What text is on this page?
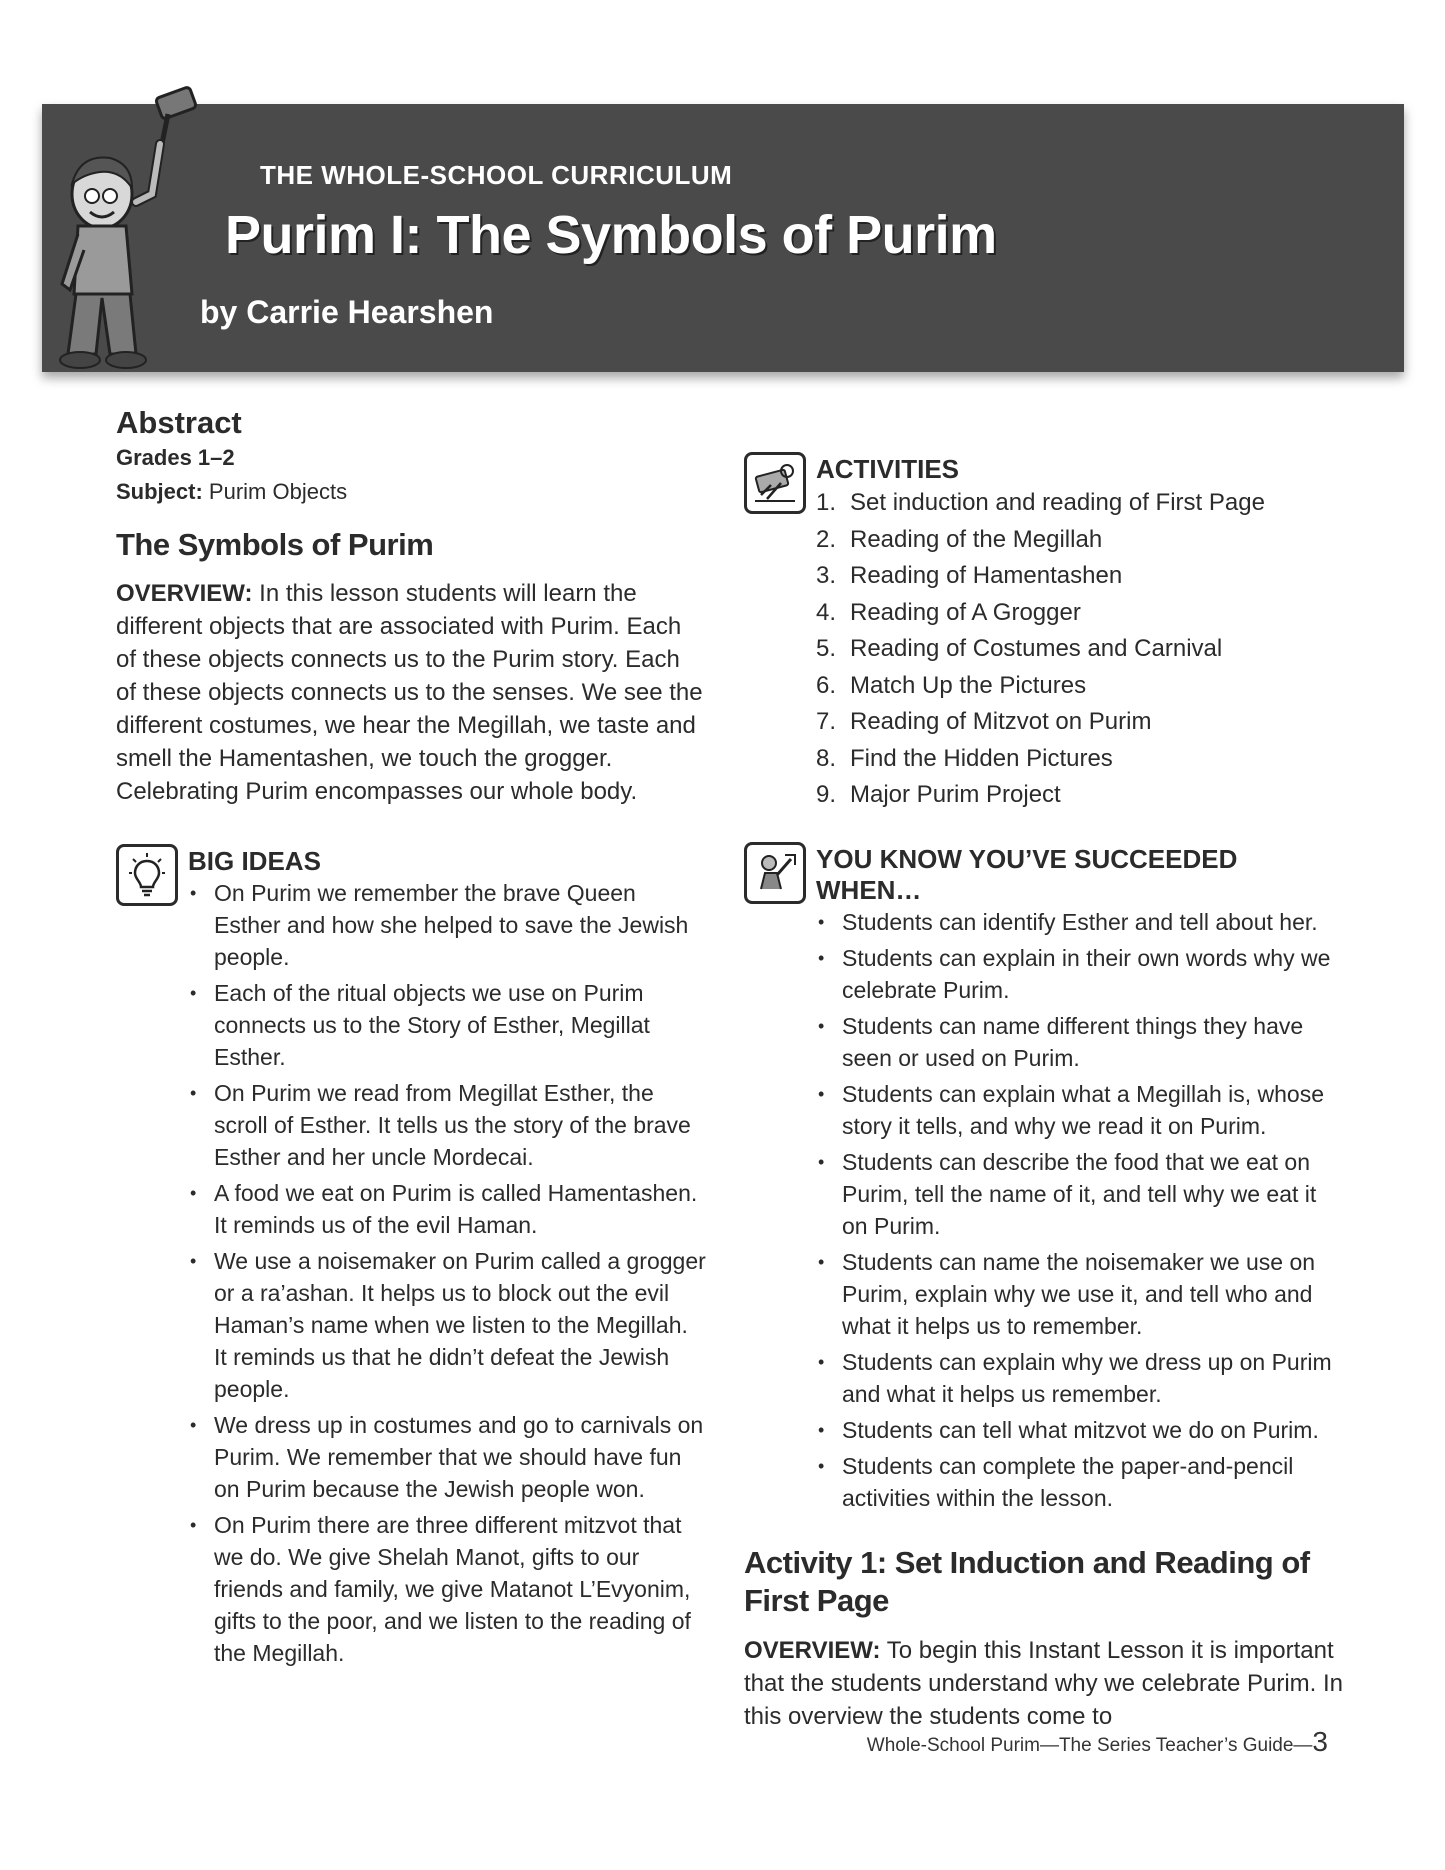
THE WHOLE-SCHOOL CURRICULUM
Purim I: The Symbols of Purim
by Carrie Hearshen
Abstract
Grades 1–2
Subject: Purim Objects
The Symbols of Purim

OVERVIEW: In this lesson students will learn the different objects that are associated with Purim. Each of these objects connects us to the Purim story. Each of these objects connects us to the senses. We see the different costumes, we hear the Megillah, we taste and smell the Hamentashen, we touch the grogger. Celebrating Purim encompasses our whole body.

BIG IDEAS
• On Purim we remember the brave Queen Esther and how she helped to save the Jewish people.
• Each of the ritual objects we use on Purim connects us to the Story of Esther, Megillat Esther.
• On Purim we read from Megillat Esther, the scroll of Esther. It tells us the story of the brave Esther and her uncle Mordecai.
• A food we eat on Purim is called Hamentashen. It reminds us of the evil Haman.
• We use a noisemaker on Purim called a grogger or a ra’ashan. It helps us to block out the evil Haman’s name when we listen to the Megillah. It reminds us that he didn’t defeat the Jewish people.
• We dress up in costumes and go to carnivals on Purim. We remember that we should have fun on Purim because the Jewish people won.
• On Purim there are three different mitzvot that we do. We give Shelah Manot, gifts to our friends and family, we give Matanot L’Evyonim, gifts to the poor, and we listen to the reading of the Megillah.
ACTIVITIES
1. Set induction and reading of First Page
2. Reading of the Megillah
3. Reading of Hamentashen
4. Reading of A Grogger
5. Reading of Costumes and Carnival
6. Match Up the Pictures
7. Reading of Mitzvot on Purim
8. Find the Hidden Pictures
9. Major Purim Project
YOU KNOW YOU’VE SUCCEEDED WHEN…
• Students can identify Esther and tell about her.
• Students can explain in their own words why we celebrate Purim.
• Students can name different things they have seen or used on Purim.
• Students can explain what a Megillah is, whose story it tells, and why we read it on Purim.
• Students can describe the food that we eat on Purim, tell the name of it, and tell why we eat it on Purim.
• Students can name the noisemaker we use on Purim, explain why we use it, and tell who and what it helps us to remember.
• Students can explain why we dress up on Purim and what it helps us remember.
• Students can tell what mitzvot we do on Purim.
• Students can complete the paper-and-pencil activities within the lesson.
Activity 1: Set Induction and Reading of First Page

OVERVIEW: To begin this Instant Lesson it is important that the students understand why we celebrate Purim. In this overview the students come to

Whole-School Purim—The Series Teacher’s Guide—3
